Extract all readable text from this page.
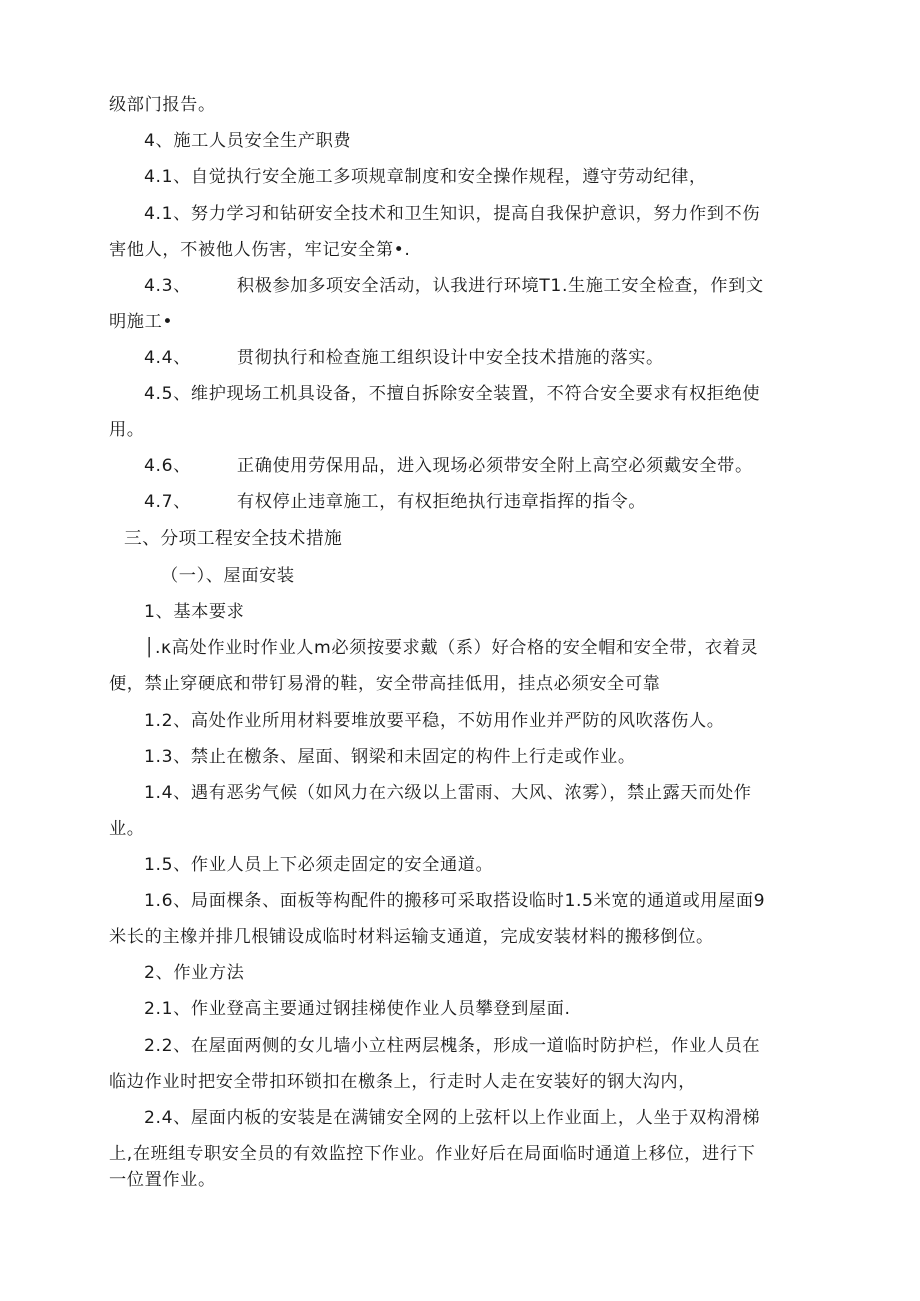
级部门报告。
4、施工人员安全生产职费
4.1、自觉执行安全施工多项规章制度和安全操作规程，遵守劳动纪律，
4.1、努力学习和钻研安全技术和卫生知识，提高自我保护意识，努力作到不伤
害他人，不被他人伤害，牢记安全第•.
4.3、	积极参加多项安全活动，认我进行环境T1.生施工安全检查，作到文
明施工•
4.4、	贯彻执行和检查施工组织设计中安全技术措施的落实。
4.5、维护现场工机具设备，不擅自拆除安全装置，不符合安全要求有权拒绝使
用。
4.6、	正确使用劳保用品，进入现场必须带安全附上高空必须戴安全带。
4.7、	有权停止违章施工，有权拒绝执行违章指挥的指令。
三、分项工程安全技术措施
（一）、屋面安装
1、基本要求
│.κ高处作业时作业人m必须按要求戴（系）好合格的安全帽和安全带，衣着灵
便，禁止穿硬底和带钉易滑的鞋，安全带高挂低用，挂点必须安全可靠
1.2、高处作业所用材料要堆放要平稳，不妨用作业并严防的风吹落伤人。
1.3、禁止在檄条、屋面、钢梁和未固定的构件上行走或作业。
1.4、遇有恶劣气候（如风力在六级以上雷雨、大风、浓雾），禁止露天而处作
业。
1.5、作业人员上下必须走固定的安全通道。
1.6、局面棵条、面板等构配件的搬移可采取搭设临时1.5米宽的通道或用屋面9
米长的主橡并排几根铺设成临时材料运输支通道，完成安装材料的搬移倒位。
2、作业方法
2.1、作业登高主要通过钢挂梯使作业人员攀登到屋面.
2.2、在屋面两侧的女儿墙小立柱两层槐条，形成一道临时防护栏，作业人员在
临边作业时把安全带扣环锁扣在檄条上，行走时人走在安装好的钢大沟内，
2.4、屋面内板的安装是在满铺安全网的上弦杆以上作业面上，人坐于双构滑梯
上,在班组专职安全员的有效监控下作业。作业好后在局面临时通道上移位，进行下
一位置作业。
